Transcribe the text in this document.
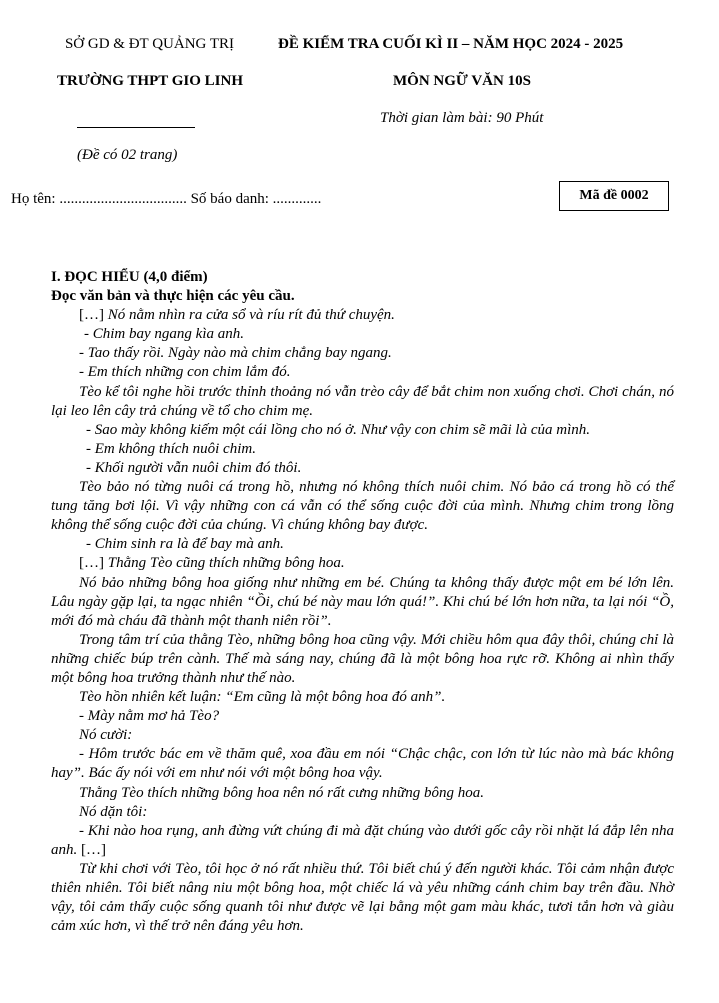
SỞ GD & ĐT QUẢNG TRỊ	ĐỀ KIỂM TRA CUỐI KÌ II – NĂM HỌC 2024 - 2025
TRƯỜNG THPT GIO LINH	MÔN NGỮ VĂN 10S
Thời gian làm bài: 90 Phút
(Đề có 02 trang)
Họ tên: .................................. Số báo danh: .............	Mã đề 0002

I. ĐỌC HIỂU (4,0 điểm)

Đọc văn bản và thực hiện các yêu cầu.

[…] Nó nằm nhìn ra cửa sổ và ríu rít đủ thứ chuyện.

- Chim bay ngang kìa anh.

- Tao thấy rồi. Ngày nào mà chim chẳng bay ngang.

- Em thích những con chim lắm đó.

Tèo kể tôi nghe hồi trước thỉnh thoảng nó vẫn trèo cây để bắt chim non xuống chơi. Chơi chán, nó lại leo lên cây trả chúng về tổ cho chim mẹ.

- Sao mày không kiếm một cái lồng cho nó ở. Như vậy con chim sẽ mãi là của mình.

- Em không thích nuôi chim.

- Khối người vẫn nuôi chim đó thôi.

Tèo bảo nó từng nuôi cá trong hồ, nhưng nó không thích nuôi chim. Nó bảo cá trong hồ có thể tung tăng bơi lội. Vì vậy những con cá vẫn có thể sống cuộc đời của mình. Nhưng chim trong lồng không thể sống cuộc đời của chúng. Vì chúng không bay được.

- Chim sinh ra là để bay mà anh.

[…] Thằng Tèo cũng thích những bông hoa.

Nó bảo những bông hoa giống như những em bé. Chúng ta không thấy được một em bé lớn lên. Lâu ngày gặp lại, ta ngạc nhiên “Ồi, chú bé này mau lớn quá!”. Khi chú bé lớn hơn nữa, ta lại nói “Ồ, mới đó mà cháu đã thành một thanh niên rồi”.

Trong tâm trí của thằng Tèo, những bông hoa cũng vậy. Mới chiều hôm qua đây thôi, chúng chỉ là những chiếc búp trên cành. Thế mà sáng nay, chúng đã là một bông hoa rực rỡ. Không ai nhìn thấy một bông hoa trưởng thành như thế nào.

Tèo hồn nhiên kết luận: “Em cũng là một bông hoa đó anh”.

- Mày nằm mơ hả Tèo?

Nó cười:

- Hôm trước bác em về thăm quê, xoa đầu em nói “Chậc chậc, con lớn từ lúc nào mà bác không hay”. Bác ấy nói với em như nói với một bông hoa vậy.

Thằng Tèo thích những bông hoa nên nó rất cưng những bông hoa.

Nó dặn tôi:

- Khi nào hoa rụng, anh đừng vứt chúng đi mà đặt chúng vào dưới gốc cây rồi nhặt lá đắp lên nha anh. […]

Từ khi chơi với Tèo, tôi học ở nó rất nhiều thứ. Tôi biết chú ý đến người khác. Tôi cảm nhận được thiên nhiên. Tôi biết nâng niu một bông hoa, một chiếc lá và yêu những cánh chim bay trên đầu. Nhờ vậy, tôi cảm thấy cuộc sống quanh tôi như được vẽ lại bằng một gam màu khác, tươi tắn hơn và giàu cảm xúc hơn, vì thế trở nên đáng yêu hơn.
